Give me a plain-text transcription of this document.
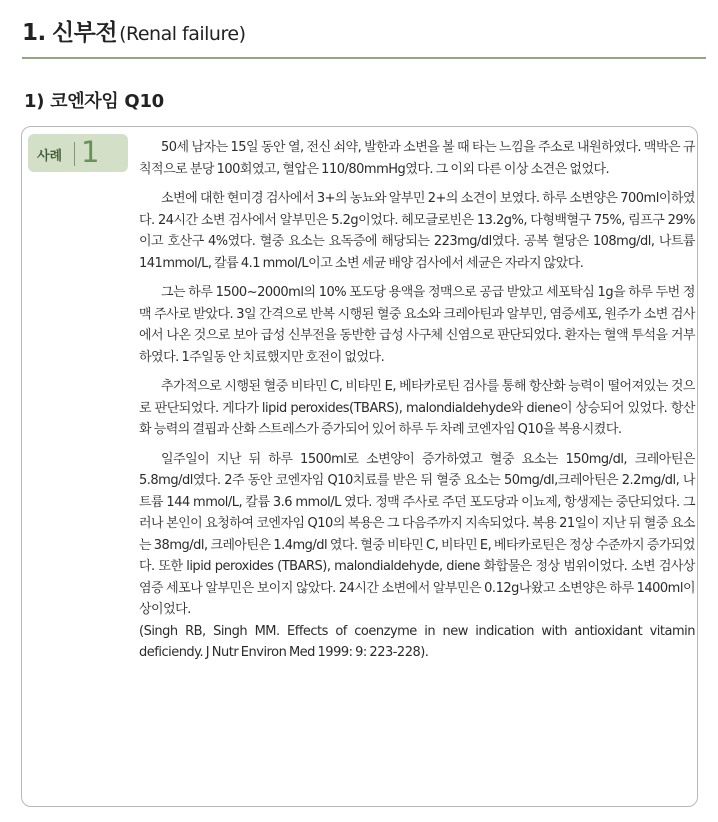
1. 신부전 (Renal failure)
1) 코엔자임 Q10
사례 1	50세 남자는 15일 동안 열, 전신 쇠약, 발한과 소변을 볼 때 타는 느낌을 주소로 내원하였다. 맥박은 규칙적으로 분당 100회였고, 혈압은 110/80mmHg였다. 그 이외 다른 이상 소견은 없었다.

소변에 대한 현미경 검사에서 3+의 농뇨와 알부민 2+의 소견이 보였다. 하루 소변양은 700ml이하였다. 24시간 소변 검사에서 알부민은 5.2g이었다. 헤모글로빈은 13.2g%, 다형백혈구 75%, 림프구 29%이고 호산구 4%였다. 혈중 요소는 요독증에 해당되는 223mg/dl였다. 공복 혈당은 108mg/dl, 나트륨 141mmol/L, 칼륨 4.1 mmol/L이고 소변 세균 배양 검사에서 세균은 자라지 않았다.

그는 하루 1500~2000ml의 10% 포도당 용액을 정맥으로 공급 받았고 세포탁심 1g을 하루 두번 정맥 주사로 받았다. 3일 간격으로 반복 시행된 혈중 요소와 크레아틴과 알부민, 염증세포, 원주가 소변 검사에서 나온 것으로 보아 급성 신부전을 동반한 급성 사구체 신염으로 판단되었다. 환자는 혈액 투석을 거부하였다. 1주일동 안 치료했지만 호전이 없었다.

추가적으로 시행된 혈중 비타민 C, 비타민 E, 베타카로틴 검사를 통해 항산화 능력이 떨어져있는 것으로 판단되었다. 게다가 lipid peroxides(TBARS), malondialdehyde와 diene이 상승되어 있었다. 항산화 능력의 결핍과 산화 스트레스가 증가되어 있어 하루 두 차례 코엔자임 Q10을 복용시켰다.

일주일이 지난 뒤 하루 1500ml로 소변양이 증가하였고 혈중 요소는 150mg/dl, 크레아틴은 5.8mg/dl였다. 2주 동안 코엔자임 Q10치료를 받은 뒤 혈중 요소는 50mg/dl,크레아틴은 2.2mg/dl, 나트륨 144 mmol/L, 칼륨 3.6 mmol/L 였다. 정맥 주사로 주던 포도당과 이뇨제, 항생제는 중단되었다. 그러나 본인이 요청하여 코엔자임 Q10의 복용은 그 다음주까지 지속되었다. 복용 21일이 지난 뒤 혈중 요소는 38mg/dl, 크레아틴은 1.4mg/dl 였다. 혈중 비타민 C, 비타민 E, 베타카로틴은 정상 수준까지 증가되었다. 또한 lipid peroxides (TBARS), malondialdehyde, diene 화합물은 정상 범위이었다. 소변 검사상 염증 세포나 알부민은 보이지 않았다. 24시간 소변에서 알부민은 0.12g나왔고 소변양은 하루 1400ml이상이었다.

(Singh RB, Singh MM. Effects of coenzyme in new indication with antioxidant vitamin deficiendy. J Nutr Environ Med 1999: 9: 223-228).
